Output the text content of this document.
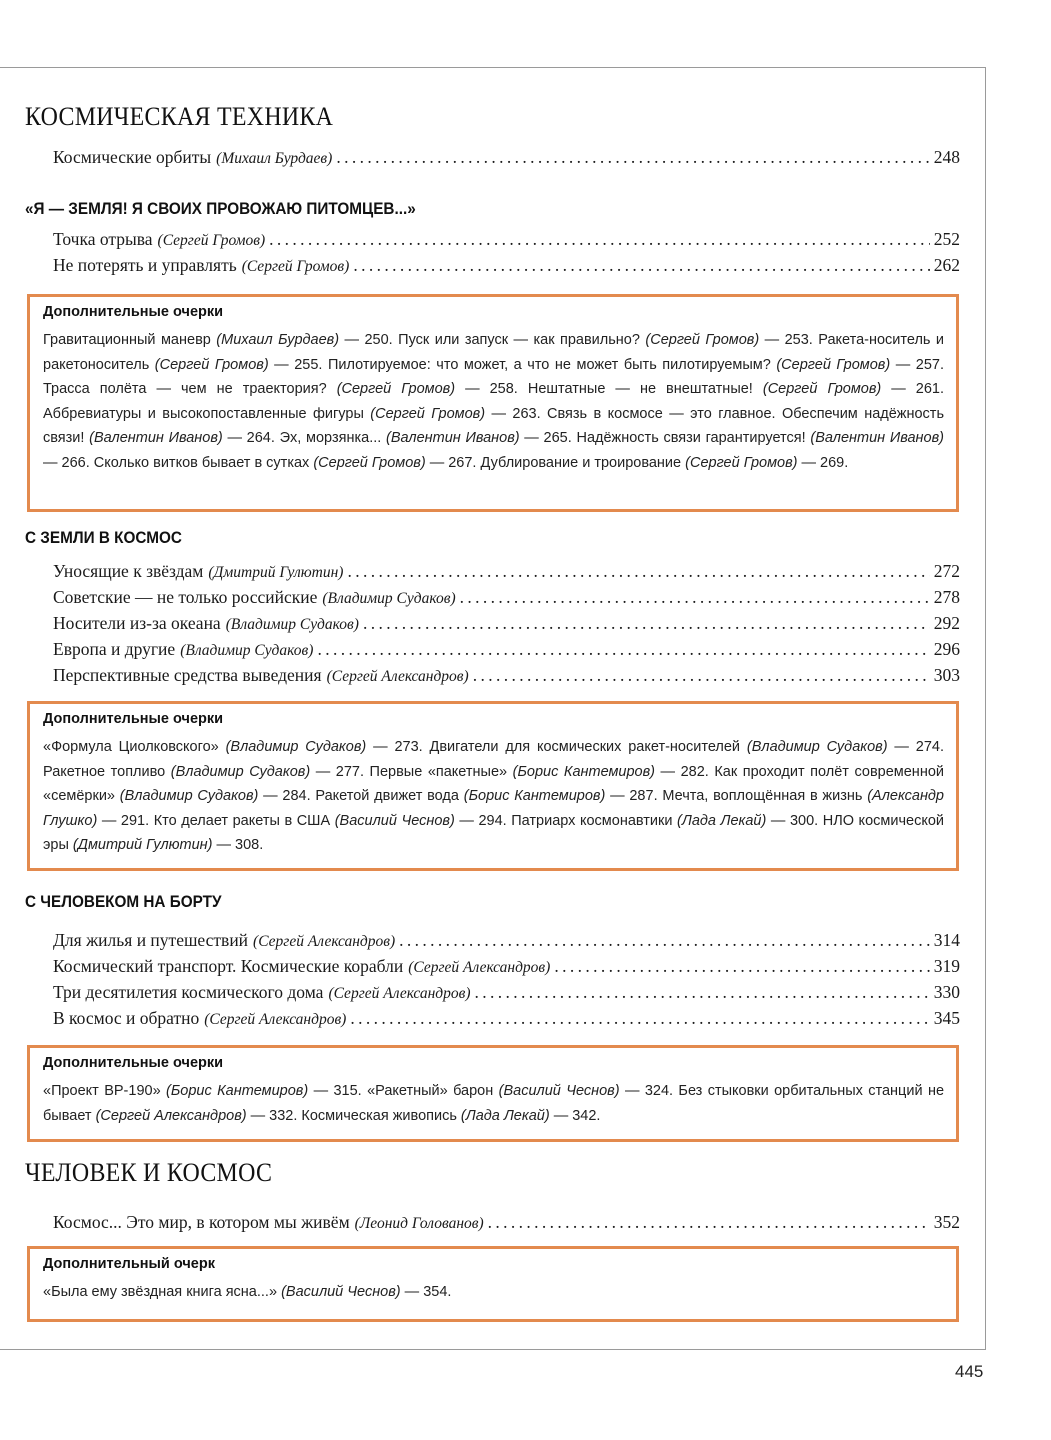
КОСМИЧЕСКАЯ ТЕХНИКА
Космические орбиты (Михаил Бурдаев) . . .	248
«Я — ЗЕМЛЯ! Я СВОИХ ПРОВОЖАЮ ПИТОМЦЕВ...»
Точка отрыва (Сергей Громов) . . .	252
Не потерять и управлять (Сергей Громов) . . .	262
Дополнительные очерки
Гравитационный маневр (Михаил Бурдаев) — 250. Пуск или запуск — как правильно? (Сергей Громов) — 253. Ракета-носитель и ракетоноситель (Сергей Громов) — 255. Пилотируемое: что может, а что не может быть пилотируемым? (Сергей Громов) — 257. Трасса полёта — чем не траектория? (Сергей Громов) — 258. Нештатные — не внештатные! (Сергей Громов) — 261. Аббревиатуры и высокопоставленные фигуры (Сергей Громов) — 263. Связь в космосе — это главное. Обеспечим надёжность связи! (Валентин Иванов) — 264. Эх, морзянка... (Валентин Иванов) — 265. Надёжность связи гарантируется! (Валентин Иванов) — 266. Сколько витков бывает в сутках (Сергей Громов) — 267. Дублирование и троирование (Сергей Громов) — 269.
С ЗЕМЛИ В КОСМОС
Уносящие к звёздам (Дмитрий Гулютин) . . .	272
Советские — не только российские (Владимир Судаков) . . .	278
Носители из-за океана (Владимир Судаков) . . .	292
Европа и другие (Владимир Судаков) . . .	296
Перспективные средства выведения (Сергей Александров) . . .	303
Дополнительные очерки
«Формула Циолковского» (Владимир Судаков) — 273. Двигатели для космических ракет-носителей (Владимир Судаков) — 274. Ракетное топливо (Владимир Судаков) — 277. Первые «пакетные» (Борис Кантемиров) — 282. Как проходит полёт современной «семёрки» (Владимир Судаков) — 284. Ракетой движет вода (Борис Кантемиров) — 287. Мечта, воплощённая в жизнь (Александр Глушко) — 291. Кто делает ракеты в США (Василий Чеснов) — 294. Патриарх космонавтики (Лада Лекай) — 300. НЛО космической эры (Дмитрий Гулютин) — 308.
С ЧЕЛОВЕКОМ НА БОРТУ
Для жилья и путешествий (Сергей Александров) . . .	314
Космический транспорт. Космические корабли (Сергей Александров) . . .	319
Три десятилетия космического дома (Сергей Александров) . . .	330
В космос и обратно (Сергей Александров) . . .	345
Дополнительные очерки
«Проект ВР-190» (Борис Кантемиров) — 315. «Ракетный» барон (Василий Чеснов) — 324. Без стыковки орбитальных станций не бывает (Сергей Александров) — 332. Космическая живопись (Лада Лекай) — 342.
ЧЕЛОВЕК И КОСМОС
Космос... Это мир, в котором мы живём (Леонид Голованов) . . .	352
Дополнительный очерк
«Была ему звёздная книга ясна...» (Василий Чеснов) — 354.
445
